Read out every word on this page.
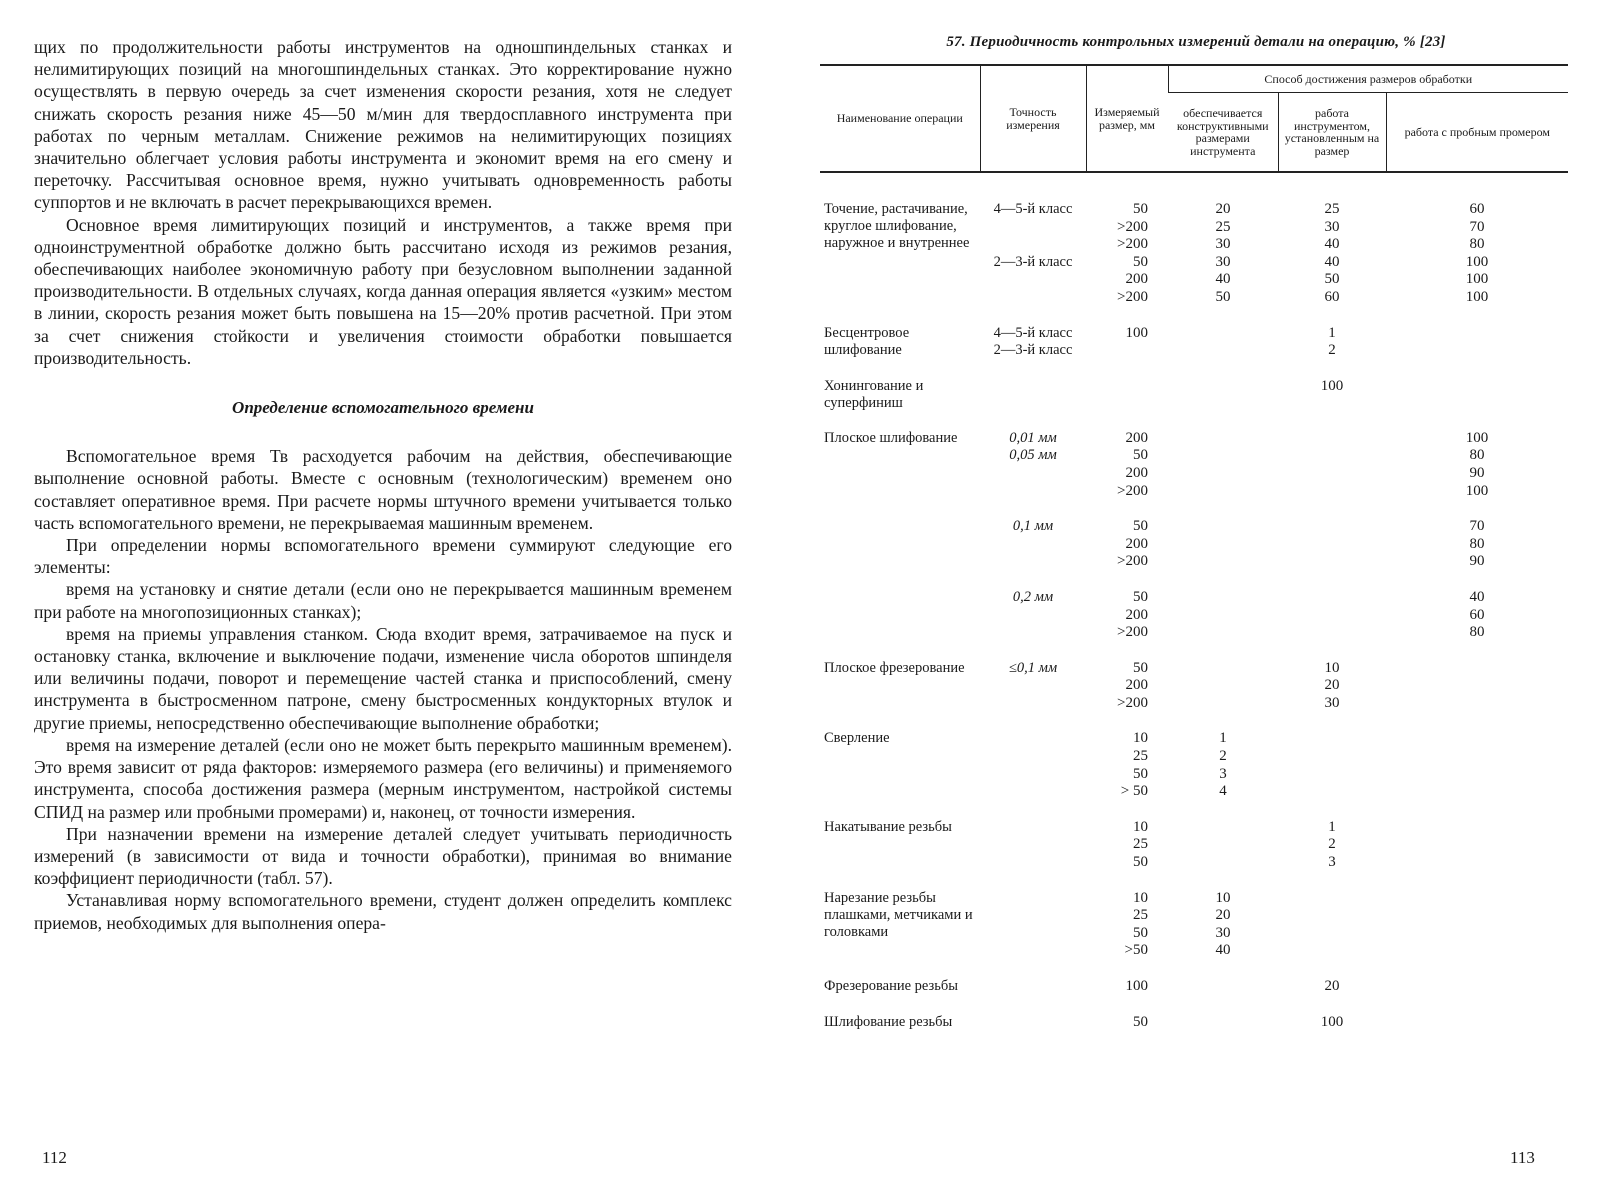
щих по продолжительности работы инструментов на одношпиндельных станках и нелимитирующих позиций на многошпиндельных станках. Это корректирование нужно осуществлять в первую очередь за счет изменения скорости резания, хотя не следует снижать скорость резания ниже 45—50 м/мин для твердосплавного инструмента при работах по черным металлам. Снижение режимов на нелимитирующих позициях значительно облегчает условия работы инструмента и экономит время на его смену и переточку. Рассчитывая основное время, нужно учитывать одновременность работы суппортов и не включать в расчет перекрывающихся времен.

Основное время лимитирующих позиций и инструментов, а также время при одноинструментной обработке должно быть рассчитано исходя из режимов резания, обеспечивающих наиболее экономичную работу при безусловном выполнении заданной производительности. В отдельных случаях, когда данная операция является «узким» местом в линии, скорость резания может быть повышена на 15—20% против расчетной. При этом за счет снижения стойкости и увеличения стоимости обработки повышается производительность.

Определение вспомогательного времени

Вспомогательное время Тв расходуется рабочим на действия, обеспечивающие выполнение основной работы. Вместе с основным (технологическим) временем оно составляет оперативное время. При расчете нормы штучного времени учитывается только часть вспомогательного времени, не перекрываемая машинным временем.

При определении нормы вспомогательного времени суммируют следующие его элементы:

время на установку и снятие детали (если оно не перекрывается машинным временем при работе на многопозиционных станках);

время на приемы управления станком. Сюда входит время, затрачиваемое на пуск и остановку станка, включение и выключение подачи, изменение числа оборотов шпинделя или величины подачи, поворот и перемещение частей станка и приспособлений, смену инструмента в быстросменном патроне, смену быстросменных кондукторных втулок и другие приемы, непосредственно обеспечивающие выполнение обработки;

время на измерение деталей (если оно не может быть перекрыто машинным временем). Это время зависит от ряда факторов: измеряемого размера (его величины) и применяемого инструмента, способа достижения размера (мерным инструментом, настройкой системы СПИД на размер или пробными промерами) и, наконец, от точности измерения.

При назначении времени на измерение деталей следует учитывать периодичность измерений (в зависимости от вида и точности обработки), принимая во внимание коэффициент периодичности (табл. 57).

Устанавливая норму вспомогательного времени, студент должен определить комплекс приемов, необходимых для выполнения опера-

112
57. Периодичность контрольных измерений детали на операцию, % [23]
Наименование операции	Точность измерения	Измеряемый размер, мм	Способ достижения размеров обработки		
			обеспечивается конструктивными размерами инструмента	работа инструментом, установленным на размер	работа с пробным промером

Точение, растачивание, круглое шлифование, наружное и внутреннее	4—5-й класс	50	20	25	60
		>200	25	30	70
		>200	30	40	80
	2—3-й класс	50	30	40	100
		200	40	50	100
		>200	50	60	100

Бесцентровое шлифование	4—5-й класс	100		1	
	2—3-й класс			2	

Хонингование и суперфиниш				100	

Плоское шлифование	0,01 мм	200			100
	0,05 мм	50			80
		200			90
		>200			100

	0,1 мм	50			70
		200			80
		>200			90

	0,2 мм	50			40
		200			60
		>200			80

Плоское фрезерование	≤0,1 мм	50		10	
		200		20	
		>200		30	

Сверление		10	1		
		25	2		
		50	3		
		> 50	4		

Накатывание резьбы		10		1	
		25		2	
		50		3	

Нарезание резьбы плашками, метчиками и головками		10	10		
		25	20		
		50	30		
		>50	40		

Фрезерование резьбы		100		20	

Шлифование резьбы		50		100	
113
